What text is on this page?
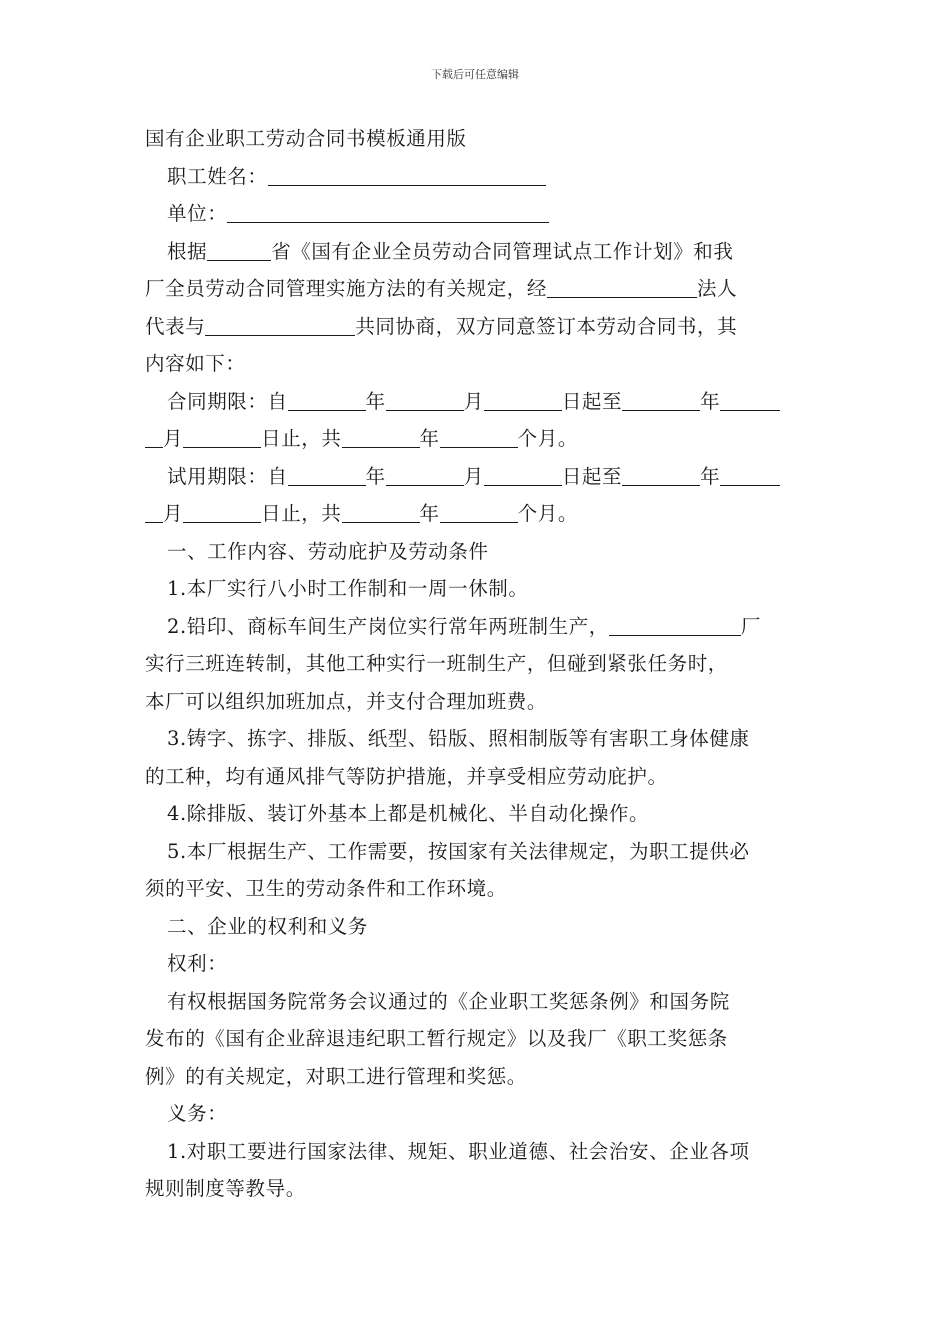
下载后可任意编辑
国有企业职工劳动合同书模板通用版
职工姓名：
单位：
根据	省《国有企业全员劳动合同管理试点工作计划》和我
厂全员劳动合同管理实施方法的有关规定，经	法人
代表与	共同协商，双方同意签订本劳动合同书，其
内容如下：
合同期限：自	年	月	日起至	年
月	日止，共	年	个月。
试用期限：自	年	月	日起至	年
月	日止，共	年	个月。
一、工作内容、劳动庇护及劳动条件
1.本厂实行八小时工作制和一周一休制。
2.铅印、商标车间生产岗位实行常年两班制生产，	厂
实行三班连转制，其他工种实行一班制生产，但碰到紧张任务时，
本厂可以组织加班加点，并支付合理加班费。
3.铸字、拣字、排版、纸型、铅版、照相制版等有害职工身体健康
的工种，均有通风排气等防护措施，并享受相应劳动庇护。
4.除排版、装订外基本上都是机械化、半自动化操作。
5.本厂根据生产、工作需要，按国家有关法律规定，为职工提供必
须的平安、卫生的劳动条件和工作环境。
二、企业的权利和义务
权利：
有权根据国务院常务会议通过的《企业职工奖惩条例》和国务院
发布的《国有企业辞退违纪职工暂行规定》以及我厂《职工奖惩条
例》的有关规定，对职工进行管理和奖惩。
义务：
1.对职工要进行国家法律、规矩、职业道德、社会治安、企业各项
规则制度等教导。
